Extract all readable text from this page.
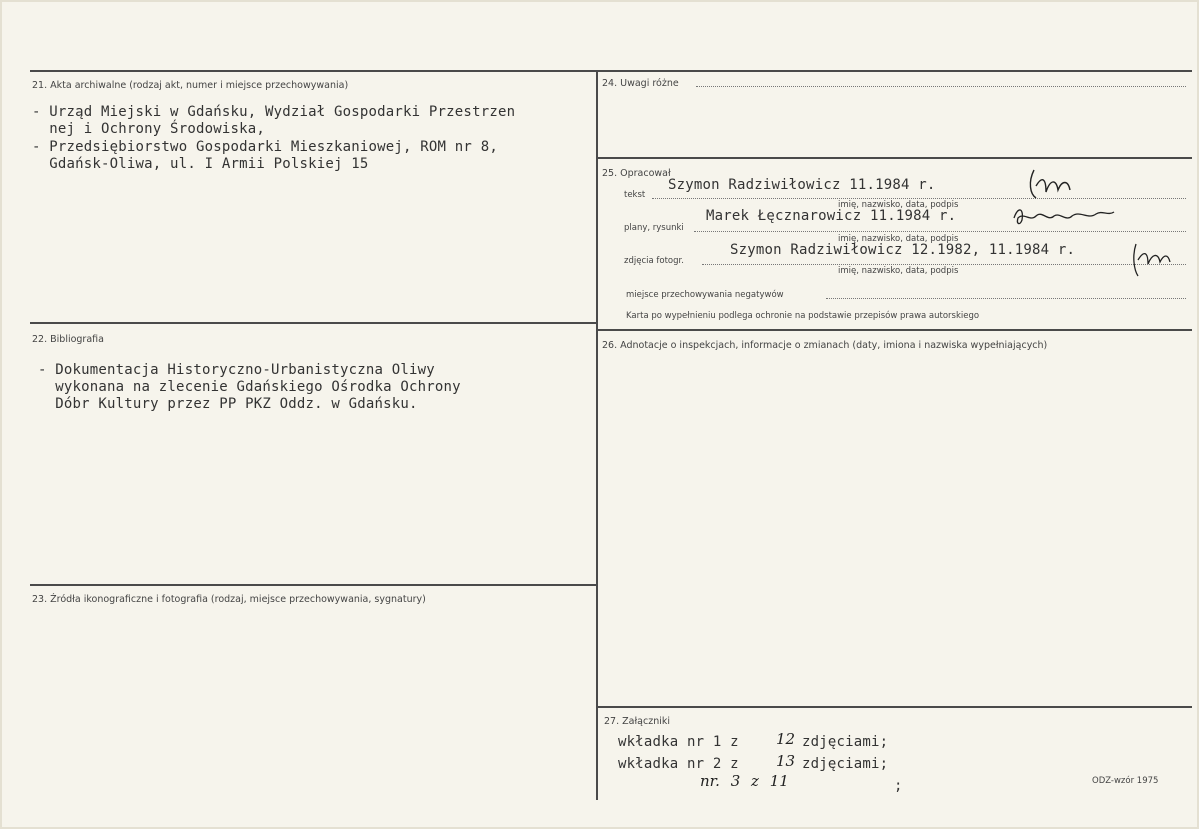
21. Akta archiwalne (rodzaj akt, numer i miejsce przechowywania)
- Urząd Miejski w Gdańsku, Wydział Gospodarki Przestrzen
nej i Ochrony Środowiska,
- Przedsiębiorstwo Gospodarki Mieszkaniowej, ROM nr 8,
Gdańsk-Oliwa, ul. I Armii Polskiej 15
22. Bibliografia
- Dokumentacja Historyczno-Urbanistyczna Oliwy
wykonana na zlecenie Gdańskiego Ośrodka Ochrony
Dóbr Kultury przez PP PKZ Oddz. w Gdańsku.
23. Źródła ikonograficzne i fotografia (rodzaj, miejsce przechowywania, sygnatury)
24. Uwagi różne
25. Opracował
tekst
Szymon Radziwiłowicz 11.1984 r.
imię, nazwisko, data, podpis
plany, rysunki
Marek Łęcznarowicz 11.1984 r.
imię, nazwisko, data, podpis
zdjęcia fotogr.
Szymon Radziwiłowicz 12.1982, 11.1984 r.
imię, nazwisko, data, podpis
miejsce przechowywania negatywów
Karta po wypełnieniu podlega ochronie na podstawie przepisów prawa autorskiego
26. Adnotacje o inspekcjach, informacje o zmianach (daty, imiona i nazwiska wypełniających)
27. Załączniki
wkładka nr 1 z 12 zdjęciami;
wkładka nr 2 z 13 zdjęciami;
nr. 3 z 11	;	ODZ-wzór 1975
